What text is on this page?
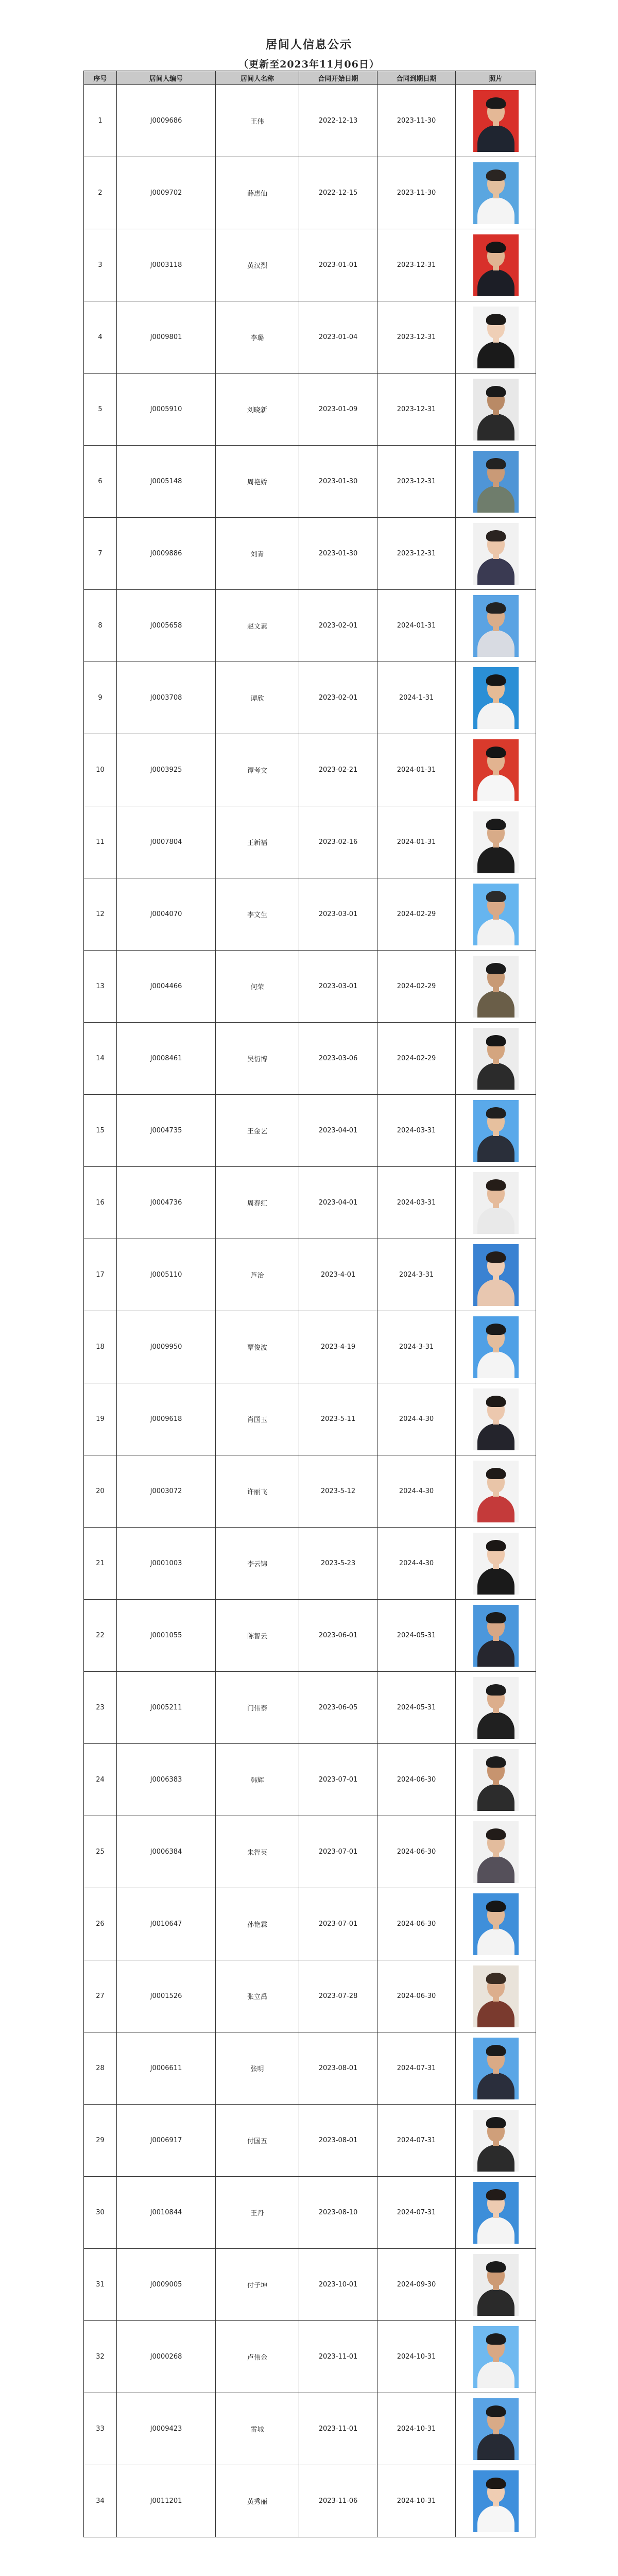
居间人信息公示
（更新至2023年11月06日）
序号	居间人编号	居间人名称	合同开始日期	合同到期日期	照片
1	J0009686	王伟	2022-12-13	2023-11-30	

2	J0009702	薛惠仙	2022-12-15	2023-11-30	

3	J0003118	黄汉烈	2023-01-01	2023-12-31	

4	J0009801	李璐	2023-01-04	2023-12-31	

5	J0005910	刘晓新	2023-01-09	2023-12-31	

6	J0005148	周艳娇	2023-01-30	2023-12-31	

7	J0009886	刘青	2023-01-30	2023-12-31	

8	J0005658	赵文素	2023-02-01	2024-01-31	

9	J0003708	谭欣	2023-02-01	2024-1-31	

10	J0003925	谭考文	2023-02-21	2024-01-31	

11	J0007804	王新福	2023-02-16	2024-01-31	

12	J0004070	李文生	2023-03-01	2024-02-29	

13	J0004466	何荣	2023-03-01	2024-02-29	

14	J0008461	吴衍博	2023-03-06	2024-02-29	

15	J0004735	王金艺	2023-04-01	2024-03-31	

16	J0004736	周春红	2023-04-01	2024-03-31	

17	J0005110	芦治	2023-4-01	2024-3-31	

18	J0009950	覃俊波	2023-4-19	2024-3-31	

19	J0009618	肖国玉	2023-5-11	2024-4-30	

20	J0003072	许丽飞	2023-5-12	2024-4-30	

21	J0001003	李云锦	2023-5-23	2024-4-30	

22	J0001055	陈智云	2023-06-01	2024-05-31	

23	J0005211	门伟泰	2023-06-05	2024-05-31	

24	J0006383	韩辉	2023-07-01	2024-06-30	

25	J0006384	朱智英	2023-07-01	2024-06-30	

26	J0010647	孙艳霖	2023-07-01	2024-06-30	

27	J0001526	张立禹	2023-07-28	2024-06-30	

28	J0006611	张明	2023-08-01	2024-07-31	

29	J0006917	付国五	2023-08-01	2024-07-31	

30	J0010844	王丹	2023-08-10	2024-07-31	

31	J0009005	付子坤	2023-10-01	2024-09-30	

32	J0000268	卢伟金	2023-11-01	2024-10-31	

33	J0009423	雷城	2023-11-01	2024-10-31	

34	J0011201	黄秀丽	2023-11-06	2024-10-31	
